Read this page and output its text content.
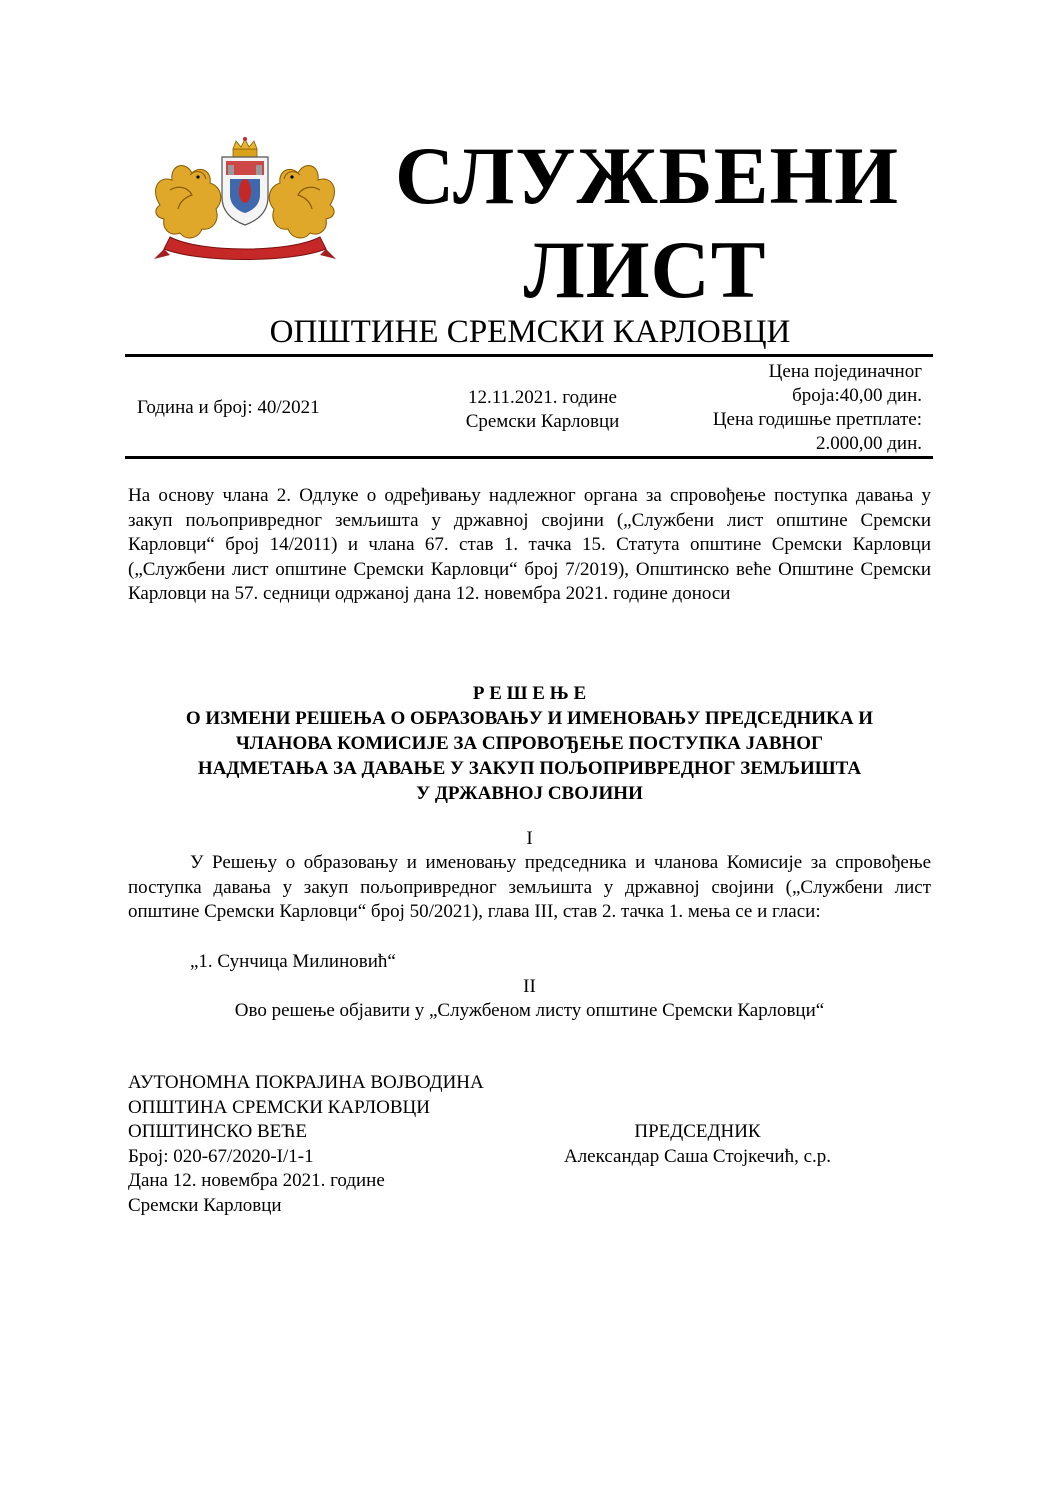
СЛУЖБЕНИ
ЛИСТ
ОПШТИНЕ СРЕМСКИ КАРЛОВЦИ
Година и број: 40/2021	12.11.2021. године
Сремски Карловци
Цена појединачног
броја:40,00 дин.
Цена годишње претплате:
2.000,00 дин.
На основу члана 2. Одлуке о одређивању надлежног органа за спровођење поступка давања у закуп пољопривредног земљишта у државној својини („Службени лист општине Сремски Карловци“ број 14/2011) и члана 67. став 1. тачка 15. Статута општине Сремски Карловци („Службени лист општине Сремски Карловци“ број 7/2019), Општинско веће Општине Сремски Карловци на 57. седници одржаној дана 12. новембра 2021. године доноси
Р Е Ш Е Њ Е
О ИЗМЕНИ РЕШЕЊА О ОБРАЗОВАЊУ И ИМЕНОВАЊУ ПРЕДСЕДНИКА И
ЧЛАНОВА КОМИСИЈЕ ЗА СПРОВОЂЕЊЕ ПОСТУПКА ЈАВНОГ
НАДМЕТАЊА ЗА ДАВАЊЕ У ЗАКУП ПОЉОПРИВРЕДНОГ ЗЕМЉИШТА
У ДРЖАВНОЈ СВОЈИНИ
I
У Решењу о образовању и именовању председника и чланова Комисије за спровођење поступка давања у закуп пољопривредног земљишта у државној својини („Службени лист општине Сремски Карловци“ број 50/2021), глава III, став 2. тачка 1. мења се и гласи:
„1. Сунчица Милиновић“
II
Ово решење објавити у „Службеном листу општине Сремски Карловци“
АУТОНОМНА ПОКРАЈИНА ВОЈВОДИНА
ОПШТИНА СРЕМСКИ КАРЛОВЦИ
ОПШТИНСКО ВЕЋЕ
Број: 020-67/2020-I/1-1
Дана 12. новембра 2021. године
Сремски Карловци
ПРЕДСЕДНИК
Александар Саша Стојкечић, с.р.
